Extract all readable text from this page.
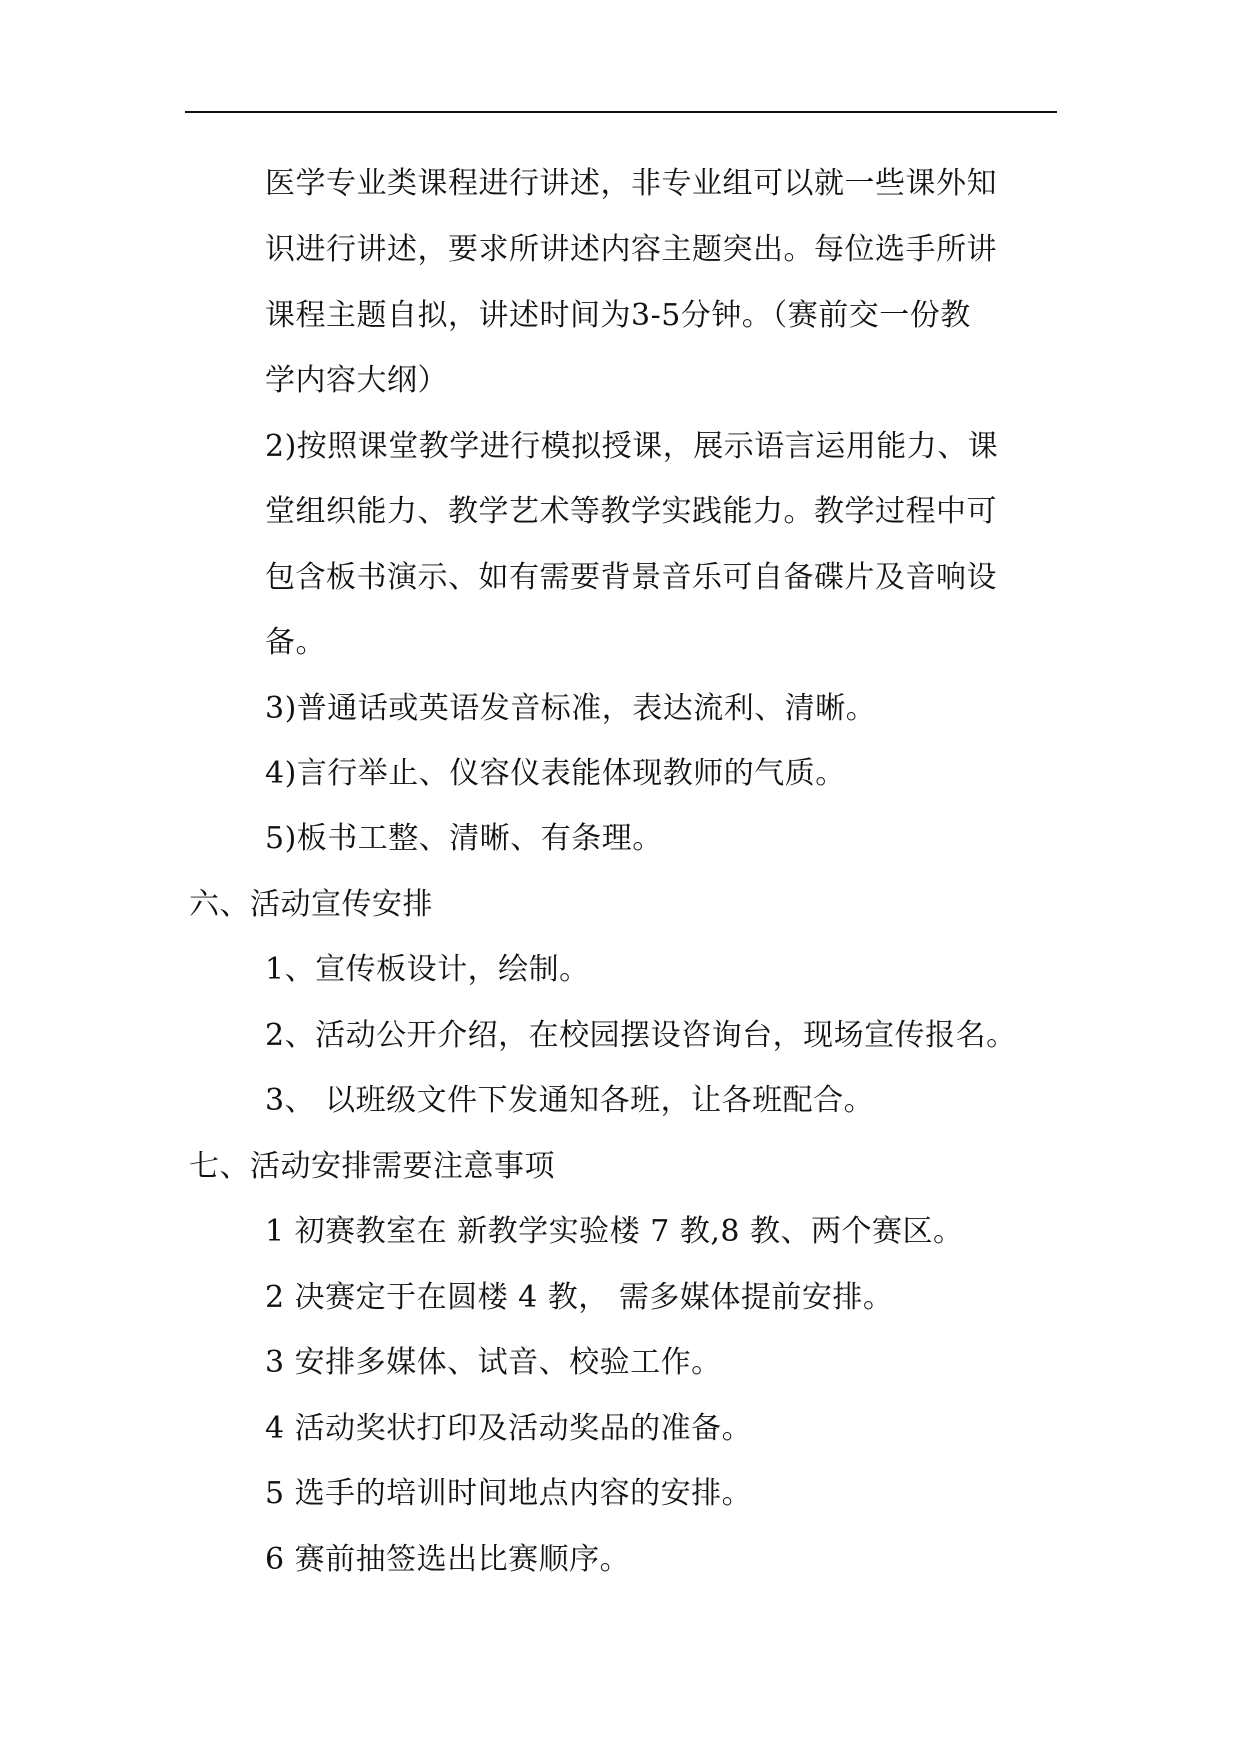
医学专业类课程进行讲述，非专业组可以就一些课外知
识进行讲述，要求所讲述内容主题突出。每位选手所讲
课程主题自拟，讲述时间为3-5分钟。（赛前交一份教
学内容大纲）
2)按照课堂教学进行模拟授课，展示语言运用能力、课
堂组织能力、教学艺术等教学实践能力。教学过程中可
包含板书演示、如有需要背景音乐可自备碟片及音响设
备。
3)普通话或英语发音标准，表达流利、清晰。
4)言行举止、仪容仪表能体现教师的气质。
5)板书工整、清晰、有条理。
六、活动宣传安排
1、宣传板设计，绘制。
2、活动公开介绍，在校园摆设咨询台，现场宣传报名。
3、 以班级文件下发通知各班，让各班配合。
七、活动安排需要注意事项
1 初赛教室在 新教学实验楼 7 教,8 教、两个赛区。
2 决赛定于在圆楼 4 教， 需多媒体提前安排。
3 安排多媒体、试音、校验工作。
4 活动奖状打印及活动奖品的准备。
5 选手的培训时间地点内容的安排。
6 赛前抽签选出比赛顺序。
